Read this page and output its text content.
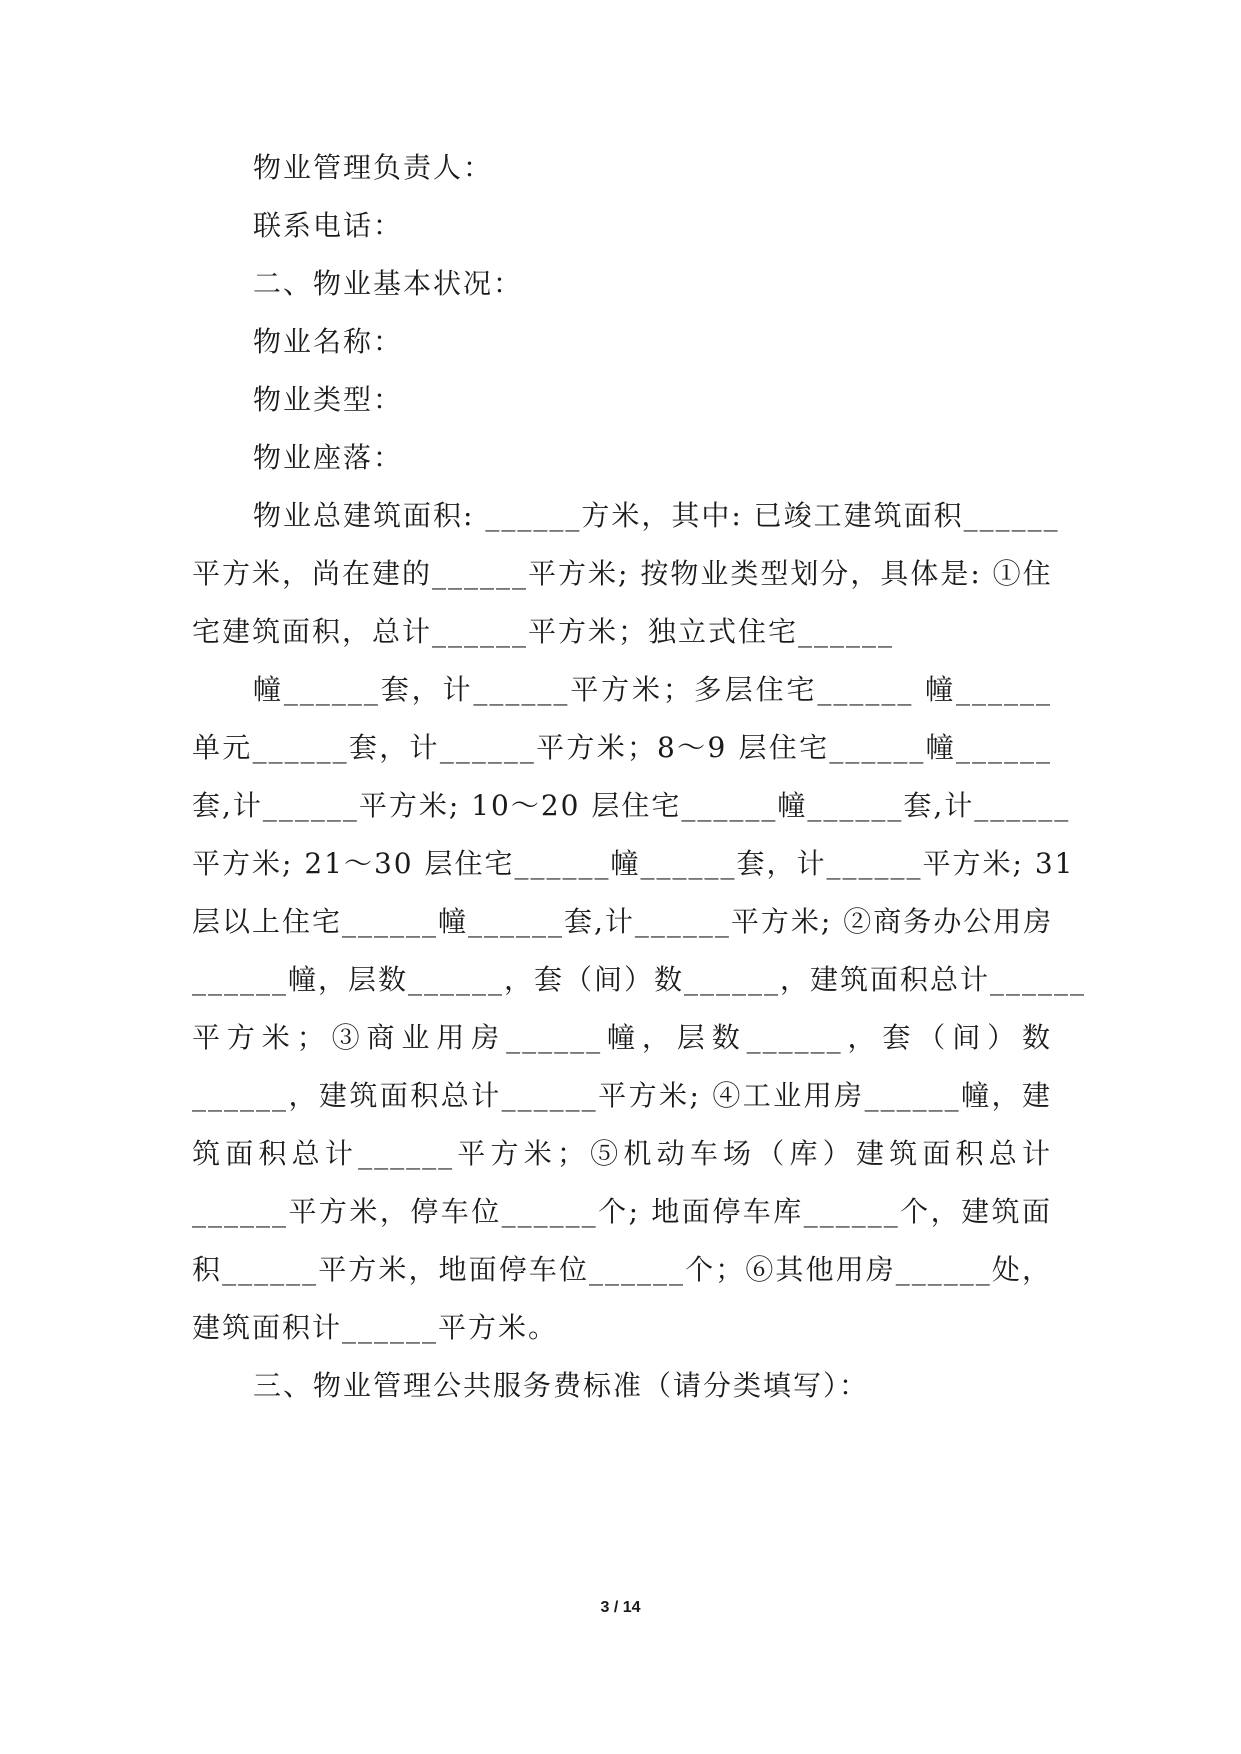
物业管理负责人：
联系电话：
二、物业基本状况：
物业名称：
物业类型：
物业座落：
物业总建筑面积: ______方米，其中: 已竣工建筑面积______
平方米，尚在建的______平方米; 按物业类型划分，具体是: ①住
宅建筑面积，总计______平方米；独立式住宅______
幢______套，计______平方米；多层住宅______ 幢______
单元______套，计______平方米；8～9 层住宅______幢______
套,计______平方米; 10～20 层住宅______幢______套,计______
平方米; 21～30 层住宅______幢______套，计______平方米; 31
层以上住宅______幢______套,计______平方米; ②商务办公用房
______幢，层数______，套（间）数______，建筑面积总计______
平方米；③商业用房______幢，层数______，套（间）数
______，建筑面积总计______平方米; ④工业用房______幢，建
筑面积总计______平方米；⑤机动车场（库）建筑面积总计
______平方米，停车位______个; 地面停车库______个，建筑面
积______平方米，地面停车位______个；⑥其他用房______处，
建筑面积计______平方米。
三、物业管理公共服务费标准（请分类填写）：
3 / 14
